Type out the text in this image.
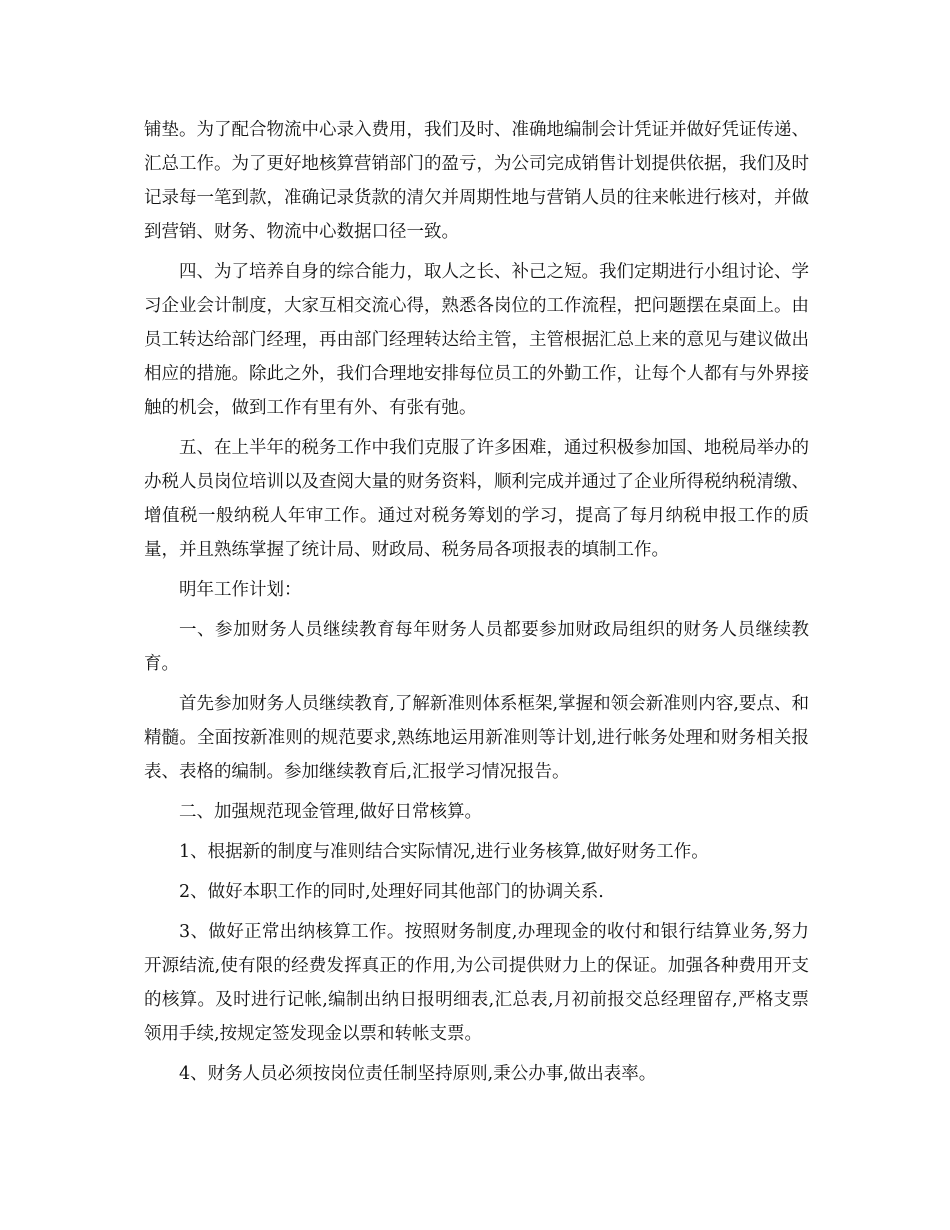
铺垫。为了配合物流中心录入费用，我们及时、准确地编制会计凭证并做好凭证传递、汇总工作。为了更好地核算营销部门的盈亏，为公司完成销售计划提供依据，我们及时记录每一笔到款，准确记录货款的清欠并周期性地与营销人员的往来帐进行核对，并做到营销、财务、物流中心数据口径一致。

四、为了培养自身的综合能力，取人之长、补己之短。我们定期进行小组讨论、学习企业会计制度，大家互相交流心得，熟悉各岗位的工作流程，把问题摆在桌面上。由员工转达给部门经理，再由部门经理转达给主管，主管根据汇总上来的意见与建议做出相应的措施。除此之外，我们合理地安排每位员工的外勤工作，让每个人都有与外界接触的机会，做到工作有里有外、有张有弛。

五、在上半年的税务工作中我们克服了许多困难，通过积极参加国、地税局举办的办税人员岗位培训以及查阅大量的财务资料，顺利完成并通过了企业所得税纳税清缴、增值税一般纳税人年审工作。通过对税务筹划的学习，提高了每月纳税申报工作的质量，并且熟练掌握了统计局、财政局、税务局各项报表的填制工作。

明年工作计划：

一、参加财务人员继续教育每年财务人员都要参加财政局组织的财务人员继续教育。

首先参加财务人员继续教育,了解新准则体系框架,掌握和领会新准则内容,要点、和精髓。全面按新准则的规范要求,熟练地运用新准则等计划,进行帐务处理和财务相关报表、表格的编制。参加继续教育后,汇报学习情况报告。

二、加强规范现金管理,做好日常核算。

1、根据新的制度与准则结合实际情况,进行业务核算,做好财务工作。

2、做好本职工作的同时,处理好同其他部门的协调关系.

3、做好正常出纳核算工作。按照财务制度,办理现金的收付和银行结算业务,努力开源结流,使有限的经费发挥真正的作用,为公司提供财力上的保证。加强各种费用开支的核算。及时进行记帐,编制出纳日报明细表,汇总表,月初前报交总经理留存,严格支票领用手续,按规定签发现金以票和转帐支票。

4、财务人员必须按岗位责任制坚持原则,秉公办事,做出表率。
